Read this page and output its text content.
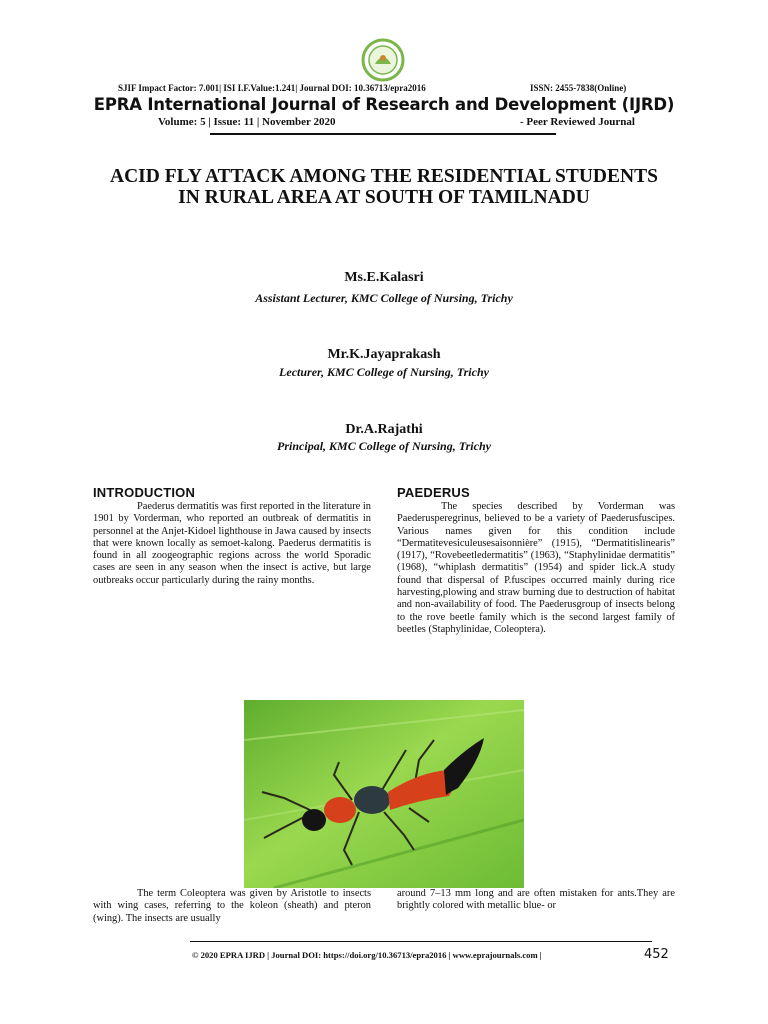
SJIF Impact Factor: 7.001| ISI I.F.Value:1.241| Journal DOI: 10.36713/epra2016	ISSN: 2455-7838(Online)
EPRA International Journal of Research and Development (IJRD)
Volume: 5 | Issue: 11 | November 2020	- Peer Reviewed Journal
ACID FLY ATTACK AMONG THE RESIDENTIAL STUDENTS IN RURAL AREA AT SOUTH OF TAMILNADU
Ms.E.Kalasri
Assistant Lecturer, KMC College of Nursing, Trichy
Mr.K.Jayaprakash
Lecturer, KMC College of Nursing, Trichy
Dr.A.Rajathi
Principal, KMC College of Nursing, Trichy
INTRODUCTION

Paederus dermatitis was first reported in the literature in 1901 by Vorderman, who reported an outbreak of dermatitis in personnel at the Anjet-Kidoel lighthouse in Jawa caused by insects that were known locally as semoet-kalong. Paederus dermatitis is found in all zoogeographic regions across the world Sporadic cases are seen in any season when the insect is active, but large outbreaks occur particularly during the rainy months.

PAEDERUS

The species described by Vorderman was Paederusperegrinus, believed to be a variety of Paederusfuscipes. Various names given for this condition include “Dermatitevesiculeusesaisonnière” (1915), “Dermatitislinearis” (1917), “Rovebeetledermatitis” (1963), “Staphylinidae dermatitis” (1968), “whiplash dermatitis” (1954) and spider lick.A study found that dispersal of P.fuscipes occurred mainly during rice harvesting,plowing and straw burning due to destruction of habitat and non-availability of food. The Paederusgroup of insects belong to the rove beetle family which is the second largest family of beetles (Staphylinidae, Coleoptera).

The term Coleoptera was given by Aristotle to insects with wing cases, referring to the koleon (sheath) and pteron (wing). The insects are usually

around 7–13 mm long and are often mistaken for ants.They are brightly colored with metallic blue- or

© 2020 EPRA IJRD | Journal DOI: https://doi.org/10.36713/epra2016 | www.eprajournals.com |	452
